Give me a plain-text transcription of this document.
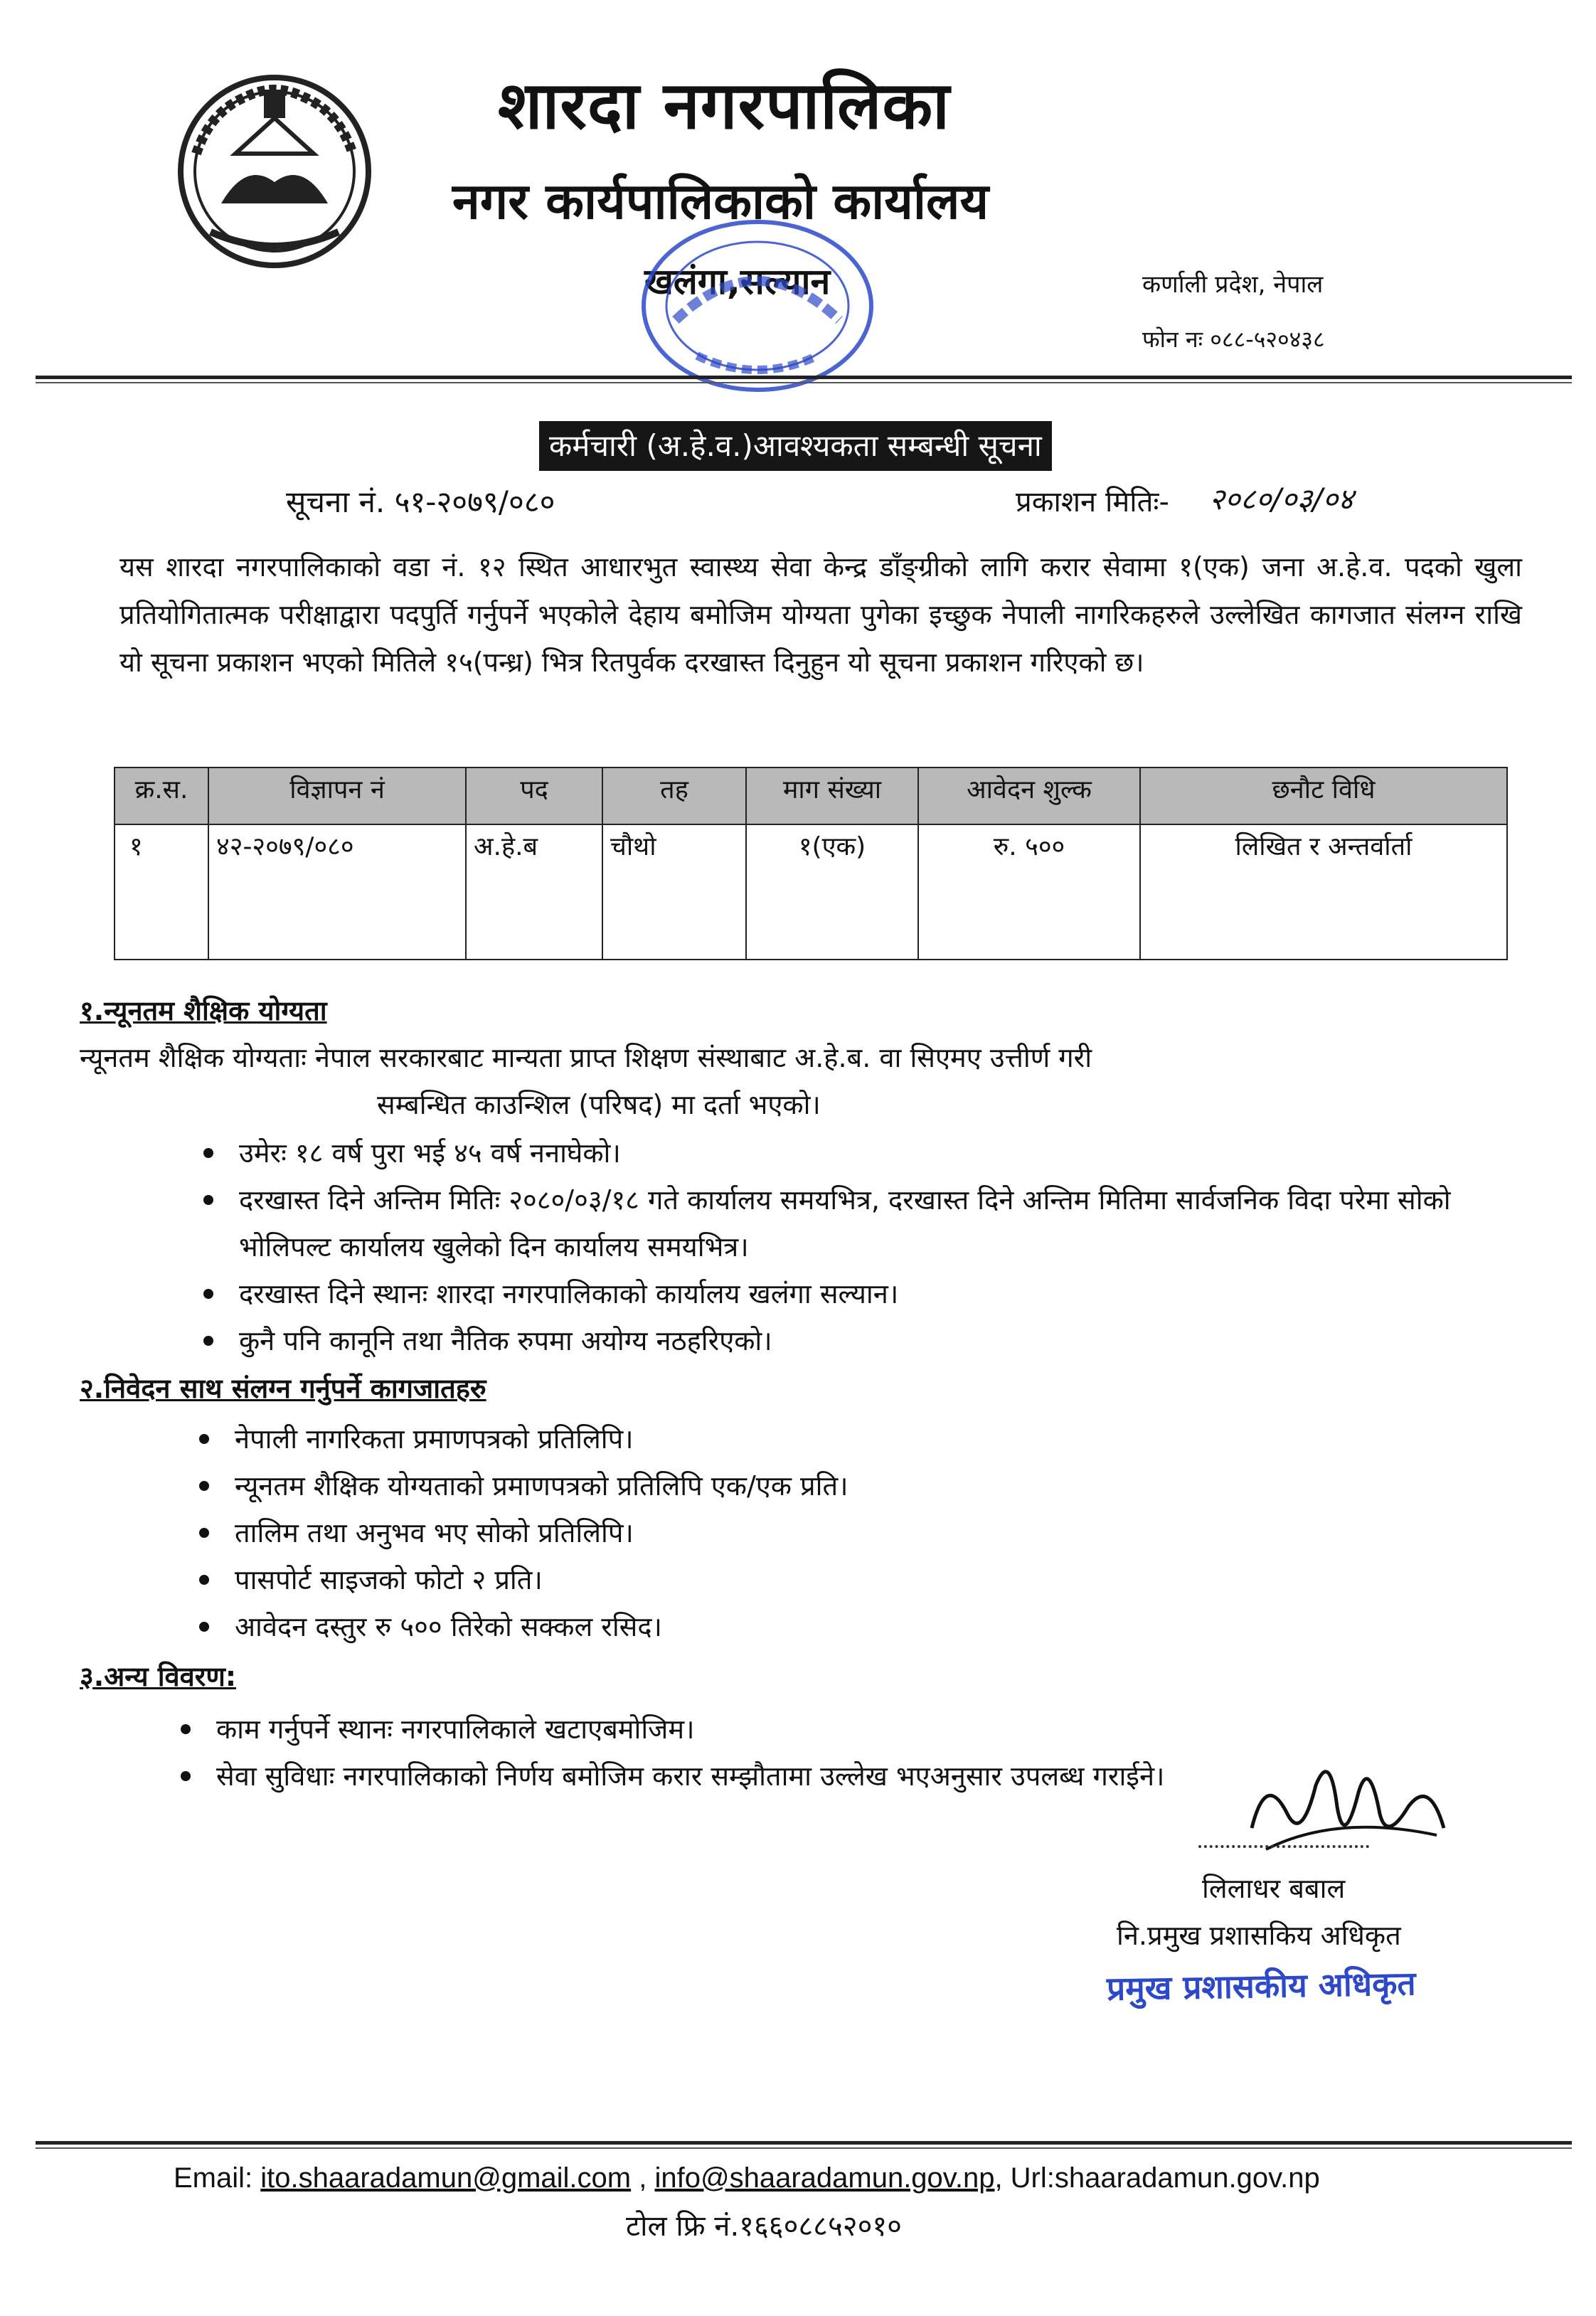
शारदा नगरपालिका
नगर कार्यपालिकाको कार्यालय
खलंगा,सल्यान	कर्णाली प्रदेश, नेपाल
फोन नः ०८८-५२०४३८
कर्मचारी (अ.हे.व.)आवश्यकता सम्बन्धी सूचना
सूचना नं. ५१-२०७९/०८०	प्रकाशन मितिः- २०८०/०३/०४
यस शारदा नगरपालिकाको वडा नं. १२ स्थित आधारभुत स्वास्थ्य सेवा केन्द्र डाँङ्ग्रीको लागि करार सेवामा १(एक) जना अ.हे.व. पदको खुला प्रतियोगितात्मक परीक्षाद्वारा पदपुर्ति गर्नुपर्ने भएकोले देहाय बमोजिम योग्यता पुगेका इच्छुक नेपाली नागरिकहरुले उल्लेखित कागजात संलग्न राखि यो सूचना प्रकाशन भएको मितिले १५(पन्ध्र) भित्र रितपुर्वक दरखास्त दिनुहुन यो सूचना प्रकाशन गरिएको छ।
क्र.स.	विज्ञापन नं	पद	तह	माग संख्या	आवेदन शुल्क	छनौट विधि
१	४२-२०७९/०८०	अ.हे.ब	चौथो	१(एक)	रु. ५००	लिखित र अन्तर्वार्ता
१.न्यूनतम शैक्षिक योग्यता
न्यूनतम शैक्षिक योग्यताः नेपाल सरकारबाट मान्यता प्राप्त शिक्षण संस्थाबाट अ.हे.ब. वा सिएमए उत्तीर्ण गरी
सम्बन्धित काउन्शिल (परिषद) मा दर्ता भएको।
उमेरः १८ वर्ष पुरा भई ४५ वर्ष ननाघेको।
दरखास्त दिने अन्तिम मितिः २०८०/०३/१८ गते कार्यालय समयभित्र, दरखास्त दिने अन्तिम मितिमा सार्वजनिक विदा परेमा सोको भोलिपल्ट कार्यालय खुलेको दिन कार्यालय समयभित्र।
दरखास्त दिने स्थानः शारदा नगरपालिकाको कार्यालय खलंगा सल्यान।
कुनै पनि कानूनि तथा नैतिक रुपमा अयोग्य नठहरिएको।
२.निवेदन साथ संलग्न गर्नुपर्ने कागजातहरु
नेपाली नागरिकता प्रमाणपत्रको प्रतिलिपि।
न्यूनतम शैक्षिक योग्यताको प्रमाणपत्रको प्रतिलिपि एक/एक प्रति।
तालिम तथा अनुभव भए सोको प्रतिलिपि।
पासपोर्ट साइजको फोटो २ प्रति।
आवेदन दस्तुर रु ५०० तिरेको सक्कल रसिद।
३.अन्य विवरण:
काम गर्नुपर्ने स्थानः नगरपालिकाले खटाएबमोजिम।
सेवा सुविधाः नगरपालिकाको निर्णय बमोजिम करार सम्झौतामा उल्लेख भएअनुसार उपलब्ध गराईने।
लिलाधर बबाल
नि.प्रमुख प्रशासकिय अधिकृत
प्रमुख प्रशासकीय अधिकृत
Email: ito.shaaradamun@gmail.com , info@shaaradamun.gov.np, Url:shaaradamun.gov.np
टोल फ्रि नं.१६६०८८५२०१०
